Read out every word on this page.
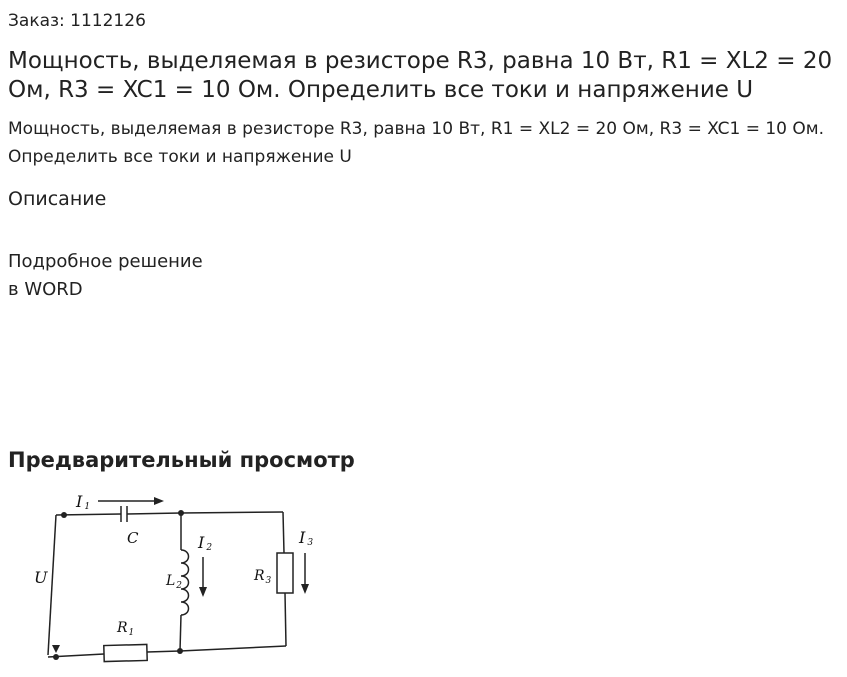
Заказ: 1112126
Мощность, выделяемая в резисторе R3, равна 10 Вт, R1 = XL2 = 20 Ом, R3 = XC1 = 10 Ом. Определить все токи и напряжение U

Мощность, выделяемая в резисторе R3, равна 10 Вт, R1 = XL2 = 20 Ом, R3 = XC1 = 10 Ом. Определить все токи и напряжение U

Описание
Подробное решение
в WORD
Предварительный просмотр
I 1
C	I 2
$L_2$
I 3
$R_3$
U
$R_1$
